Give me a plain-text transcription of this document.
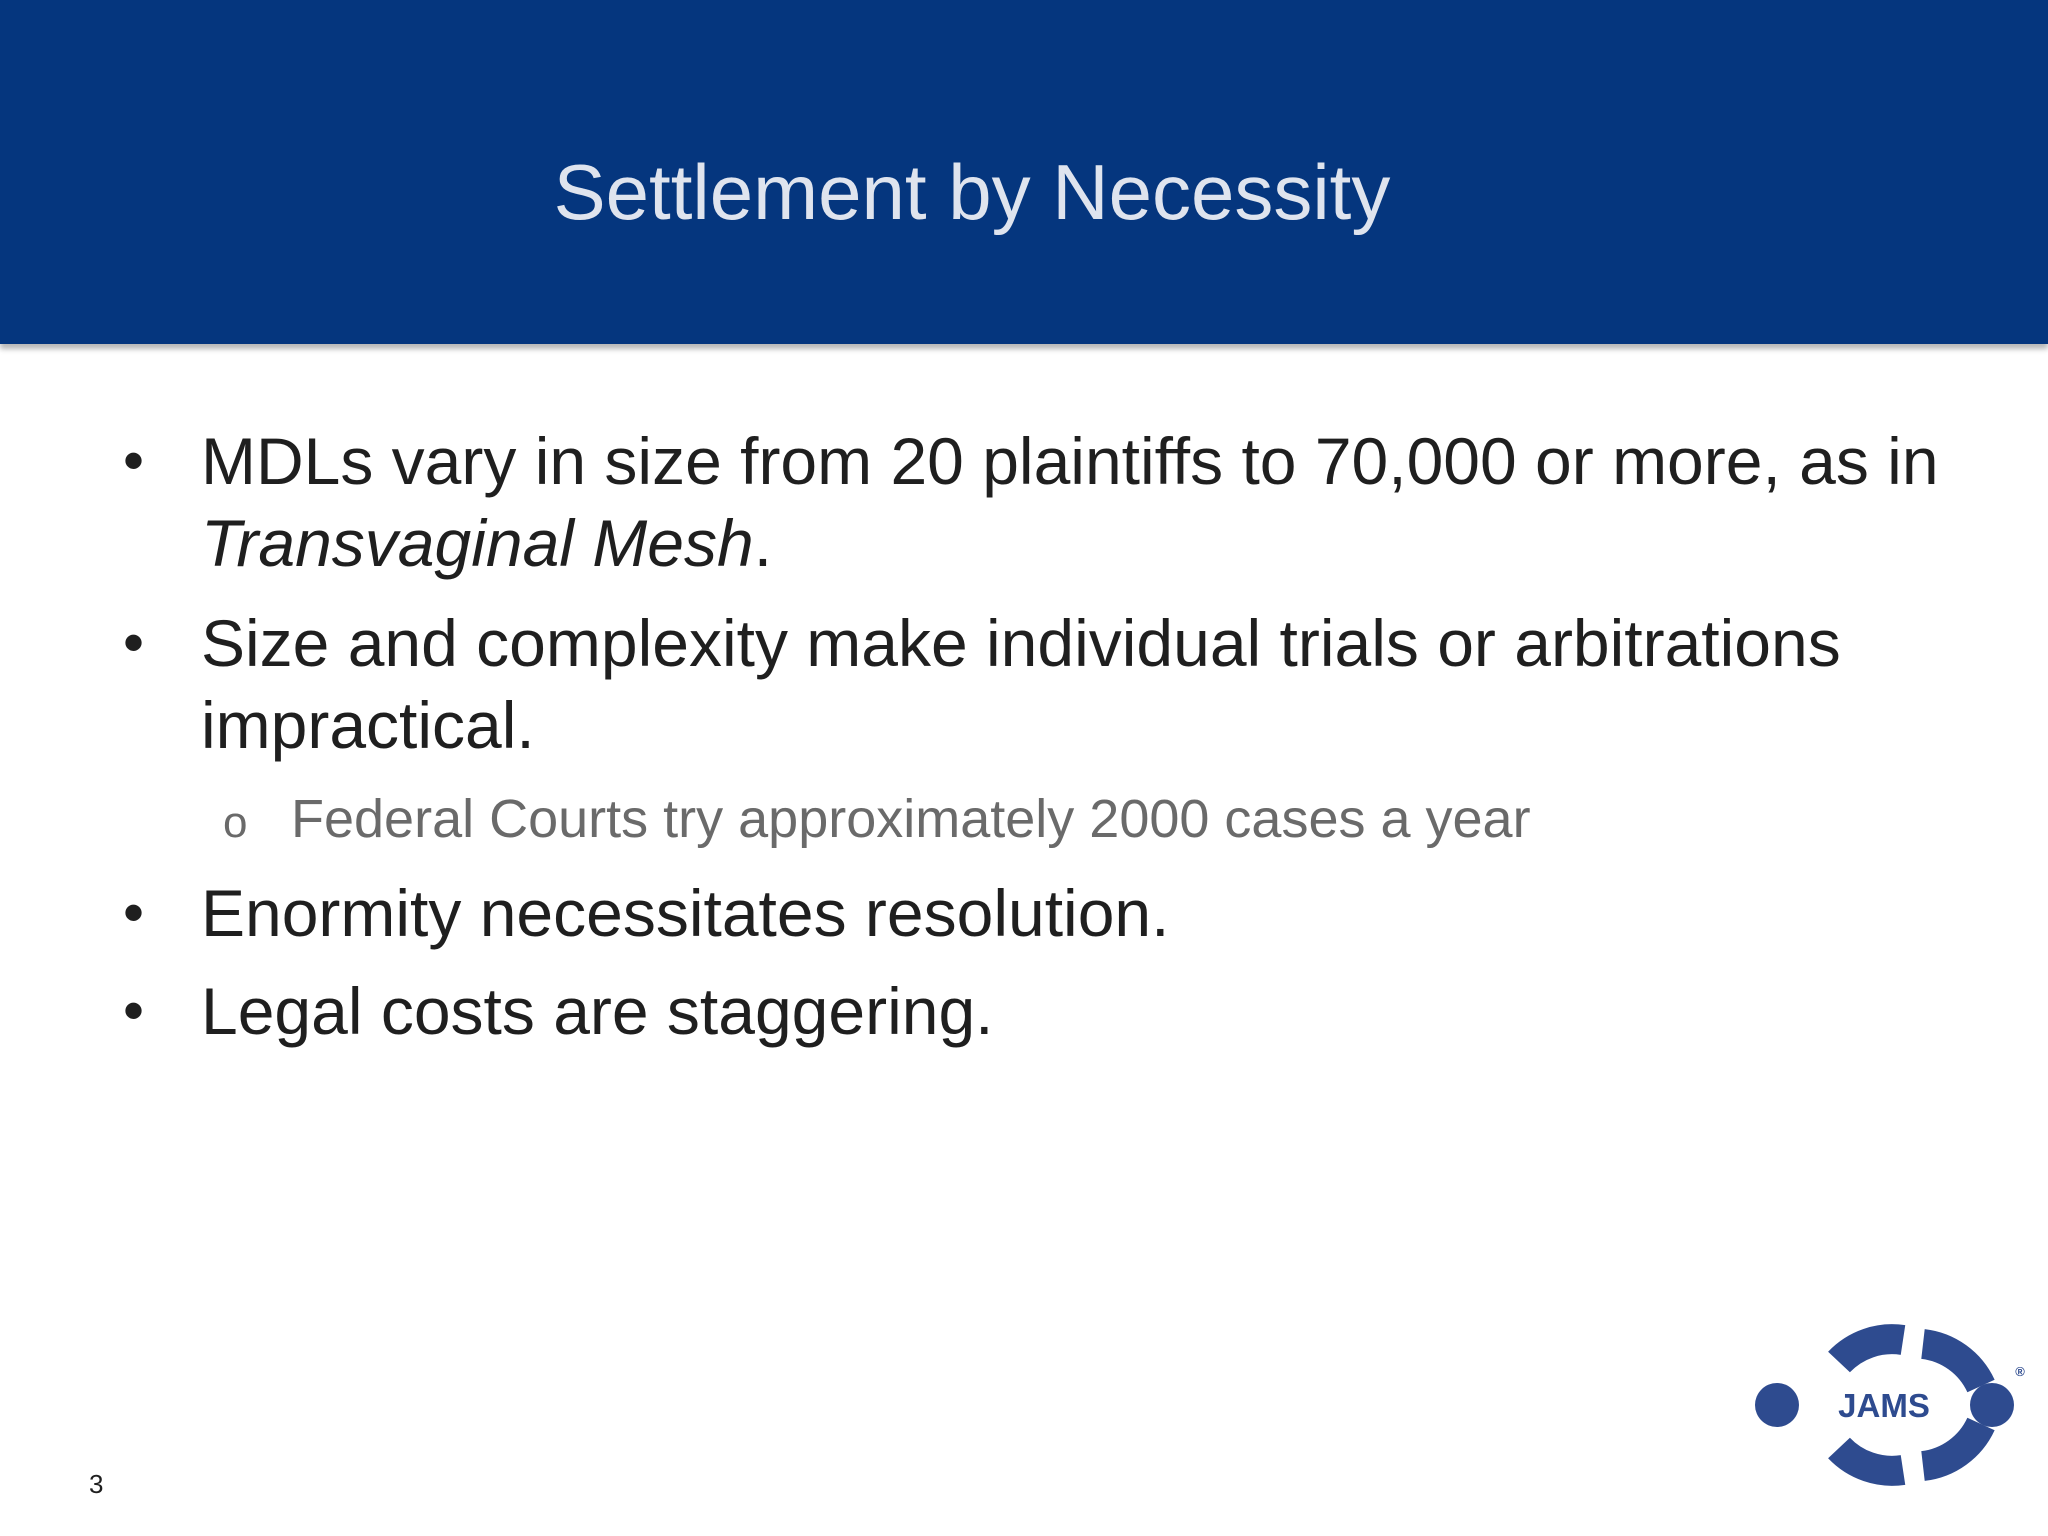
Settlement by Necessity
• MDLs vary in size from 20 plaintiffs to 70,000 or more, as in Transvaginal Mesh.
• Size and complexity make individual trials or arbitrations impractical.
o Federal Courts try approximately 2000 cases a year
• Enormity necessitates resolution.
• Legal costs are staggering.
3
JAMS
®
